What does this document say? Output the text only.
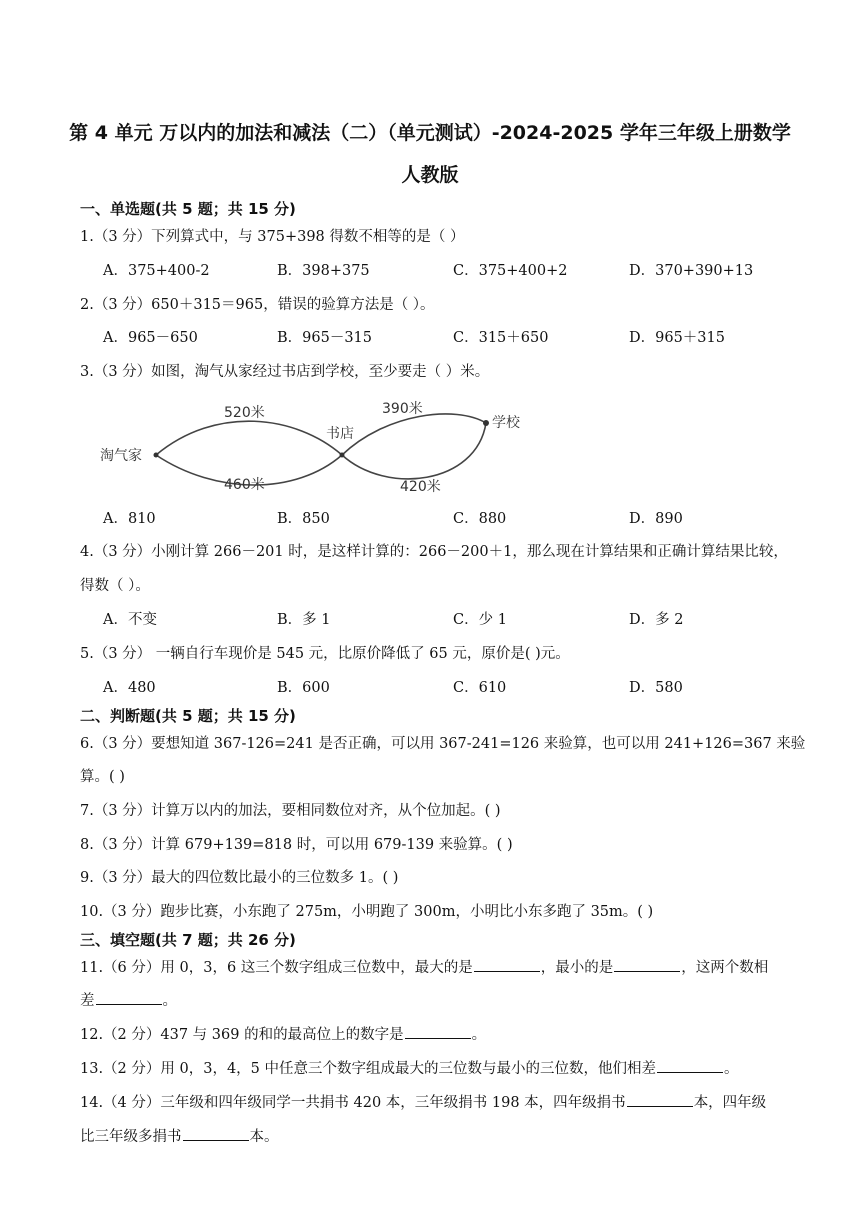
第 4 单元 万以内的加法和减法（二）（单元测试）-2024-2025 学年三年级上册数学
人教版
一、单选题(共 5 题；共 15 分)
1.（3 分）下列算式中，与 375+398 得数不相等的是（ ）
A．375+400-2	B．398+375	C．375+400+2	D．370+390+13
2.（3 分）650＋315＝965，错误的验算方法是（ ）。
A．965－650	B．965－315	C．315＋650	D．965＋315
3.（3 分）如图，淘气从家经过书店到学校，至少要走（ ）米。
淘气家
书店
学校
520米
460米
390米
420米
A．810	B．850	C．880	D．890
4.（3 分）小刚计算 266－201 时，是这样计算的：266－200＋1，那么现在计算结果和正确计算结果比较，
得数（ ）。
A．不变	B．多 1	C．少 1	D．多 2
5.（3 分） 一辆自行车现价是 545 元，比原价降低了 65 元，原价是( )元。
A．480	B．600	C．610	D．580
二、判断题(共 5 题；共 15 分)
6.（3 分）要想知道 367-126=241 是否正确，可以用 367-241=126 来验算，也可以用 241+126=367 来验
算。( )
7.（3 分）计算万以内的加法，要相同数位对齐，从个位加起。( )
8.（3 分）计算 679+139=818 时，可以用 679-139 来验算。( )
9.（3 分）最大的四位数比最小的三位数多 1。( )
10.（3 分）跑步比赛，小东跑了 275m，小明跑了 300m，小明比小东多跑了 35m。( )
三、填空题(共 7 题；共 26 分)
11.（6 分）用 0，3，6 这三个数字组成三位数中，最大的是	，最小的是	，这两个数相
差	。
12.（2 分）437 与 369 的和的最高位上的数字是	。
13.（2 分）用 0，3，4，5 中任意三个数字组成最大的三位数与最小的三位数，他们相差	。
14.（4 分）三年级和四年级同学一共捐书 420 本，三年级捐书 198 本，四年级捐书	本，四年级
比三年级多捐书	本。
